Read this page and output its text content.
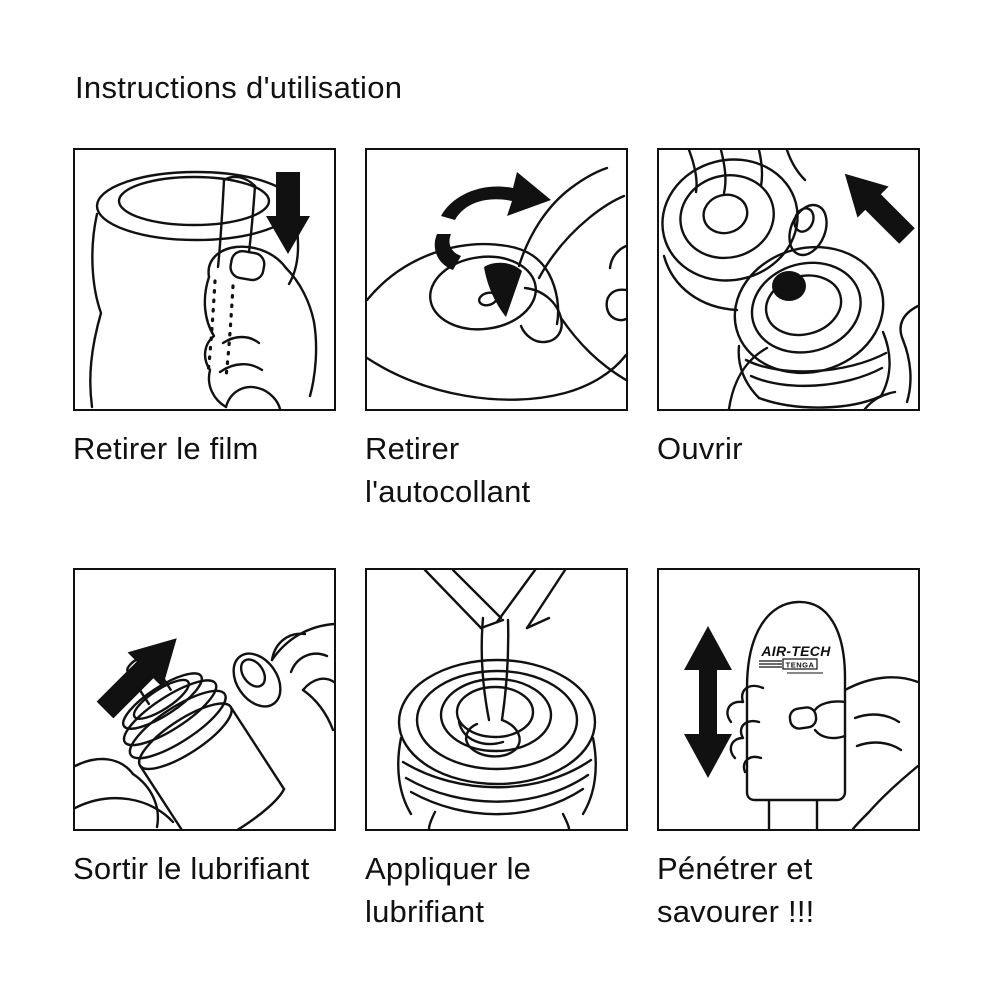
Instructions d'utilisation
Retirer le film	Retirer l'autocollant
Ouvrir
Sortir le lubrifiant	Appliquer le lubrifiant
AIR-TECH
TENGA
Pénétrer et savourer !!!
